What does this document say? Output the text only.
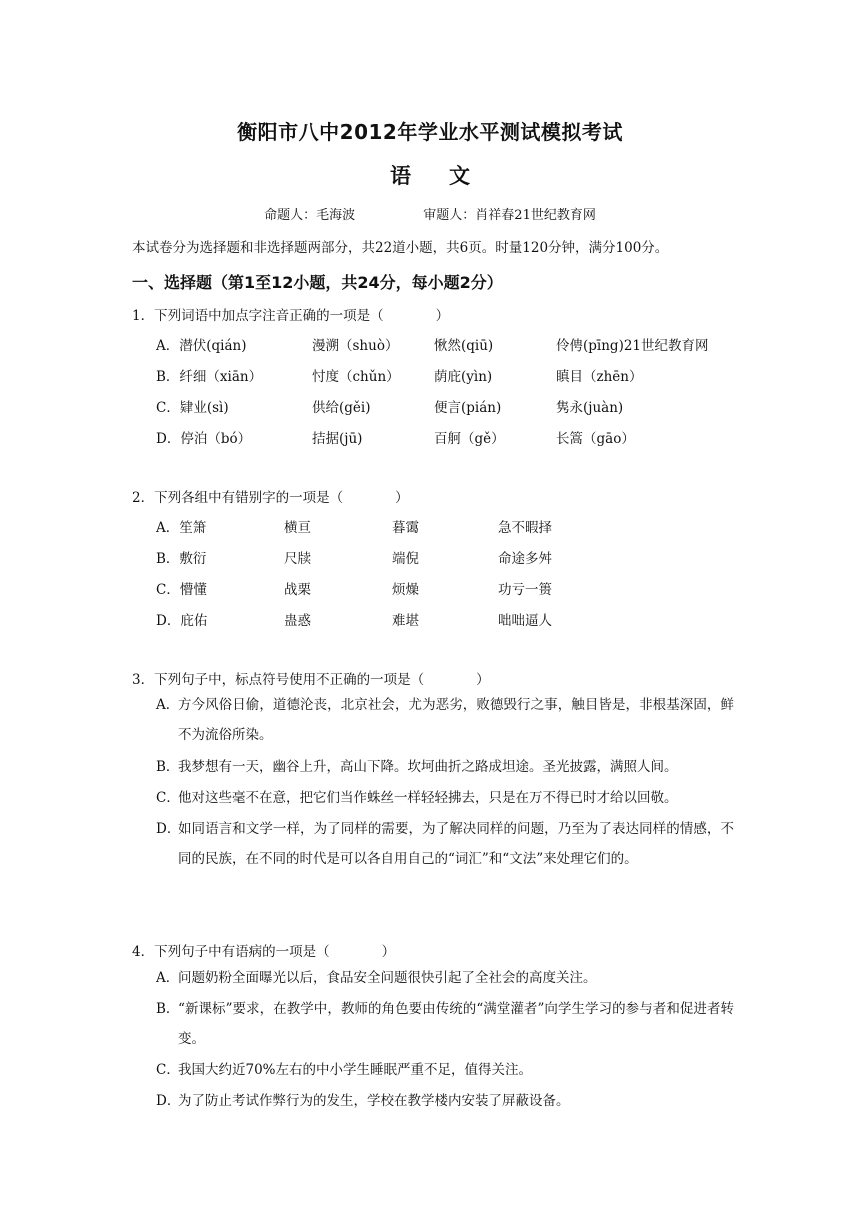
衡阳市八中2012年学业水平测试模拟考试
语文
命题人：毛海波	审题人：肖祥春21世纪教育网
本试卷分为选择题和非选择题两部分，共22道小题，共6页。时量120分钟，满分100分。
一、选择题（第1至12小题，共24分，每小题2分）
1．下列词语中加点字注音正确的一项是（	）
A．潜伏(qián)	漫溯（shuò）	愀然(qiū)	伶俜(pīng)21世纪教育网
B．纤细（xiān）	忖度（chǔn）	荫庇(yìn)	瞋目（zhēn）
C．肄业(sì)	供给(gěi)	便言(pián)	隽永(juàn)
D．停泊（bó）	拮据(jū)	百舸（gě）	长篙（gāo）
2．下列各组中有错别字的一项是（	）
A．笙箫	横亘	暮霭	急不暇择
B．敷衍	尺牍	端倪	命途多舛
C．懵懂	战栗	烦燥	功亏一篑
D．庇佑	蛊惑	难堪	咄咄逼人
3．下列句子中，标点符号使用不正确的一项是（	）
A．
方今风俗日偷，道德沦丧，北京社会，尤为恶劣，败德毁行之事，触目皆是，非根基深固，鲜不为流俗所染。
B．
我梦想有一天，幽谷上升，高山下降。坎坷曲折之路成坦途。圣光披露，满照人间。
C．
他对这些毫不在意，把它们当作蛛丝一样轻轻拂去，只是在万不得已时才给以回敬。
D．
如同语言和文学一样，为了同样的需要，为了解决同样的问题，乃至为了表达同样的情感，不同的民族，在不同的时代是可以各自用自己的“词汇”和“文法”来处理它们的。
4．下列句子中有语病的一项是（	）
A．
问题奶粉全面曝光以后，食品安全问题很快引起了全社会的高度关注。
B．
“新课标”要求，在教学中，教师的角色要由传统的“满堂灌者”向学生学习的参与者和促进者转变。
C．
我国大约近70%左右的中小学生睡眠严重不足，值得关注。
D．
为了防止考试作弊行为的发生，学校在教学楼内安装了屏蔽设备。
